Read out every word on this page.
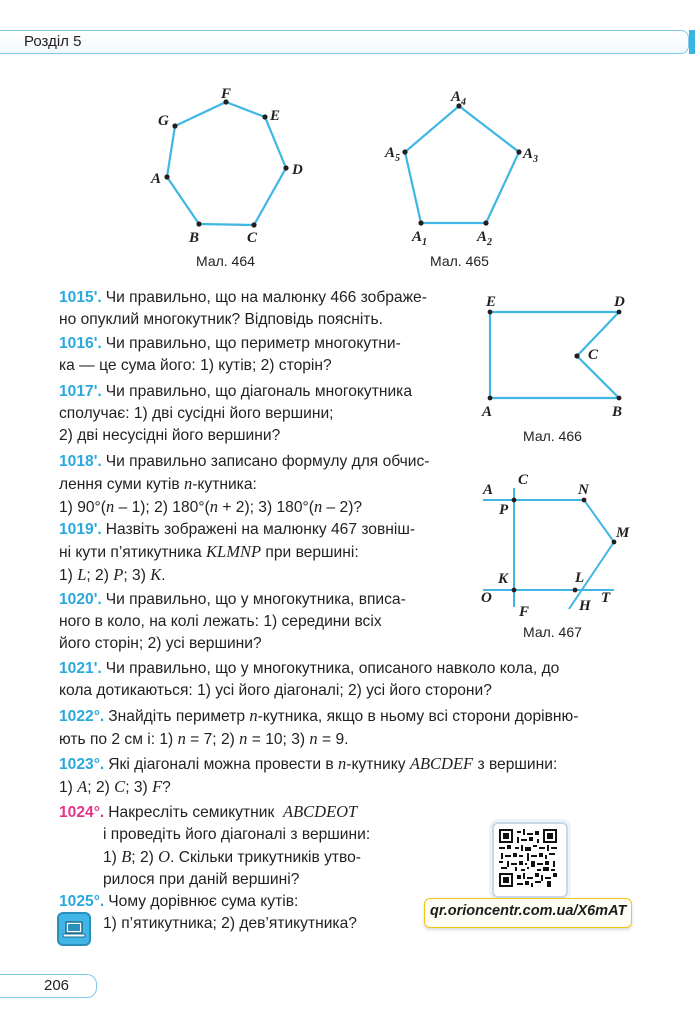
Розділ 5
F
E
D
C
B
A
G
$A_4$
$A_3$
$A_2$
$A_1$
$A_5$
E	D
C
A	B
A
C
N
P
M
K	L
O	T
F	H
Мал. 464	Мал. 465
Мал. 466
Мал. 467
1015'. Чи правильно, що на малюнку 466 зображе-
но опуклий многокутник? Відповідь поясніть.
1016'. Чи правильно, що периметр многокутни-
ка — це сума його: 1) кутів; 2) сторін?
1017'. Чи правильно, що діагональ многокутника
сполучає: 1) дві сусідні його вершини;
2) дві несусідні його вершини?
1018'. Чи правильно записано формулу для обчис-
лення суми кутів n-кутника:
1) 90°(n – 1); 2) 180°(n + 2); 3) 180°(n – 2)?
1019'. Назвіть зображені на малюнку 467 зовніш-
ні кути п’ятикутника KLMNP при вершині:
1) L; 2) P; 3) K.
1020'. Чи правильно, що у многокутника, вписа-
ного в коло, на колі лежать: 1) середини всіх
його сторін; 2) усі вершини?
1021'. Чи правильно, що у многокутника, описаного навколо кола, до
кола дотикаються: 1) усі його діагоналі; 2) усі його сторони?
1022°. Знайдіть периметр n-кутника, якщо в ньому всі сторони дорівню-
ють по 2 см і: 1) n = 7; 2) n = 10; 3) n = 9.
1023°. Які діагоналі можна провести в n-кутнику ABCDEF з вершини:
1) A; 2) C; 3) F?
1024°. Накресліть семикутник ABCDEOT
і проведіть його діагоналі з вершини:
1) B; 2) O. Скільки трикутників утво-
рилося при даній вершині?
1025°. Чому дорівнює сума кутів:
1) п’ятикутника; 2) дев’ятикутника?
qr.orioncentr.com.ua/X6mAT
206
